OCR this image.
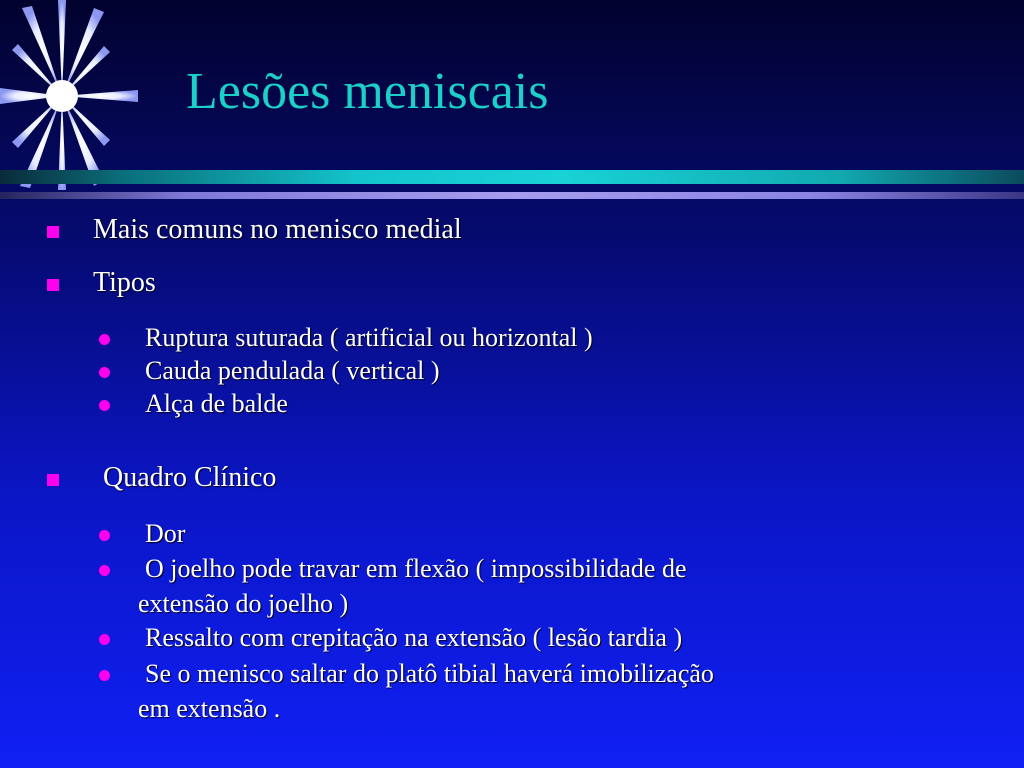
Lesões meniscais
Mais comuns no menisco medial
Tipos
Ruptura suturada ( artificial ou horizontal )
Cauda pendulada ( vertical )
Alça de balde
Quadro Clínico
Dor
O joelho pode travar em flexão ( impossibilidade de
extensão do joelho )
Ressalto com crepitação na extensão ( lesão tardia )
Se o menisco saltar do platô tibial haverá imobilização
em extensão .
